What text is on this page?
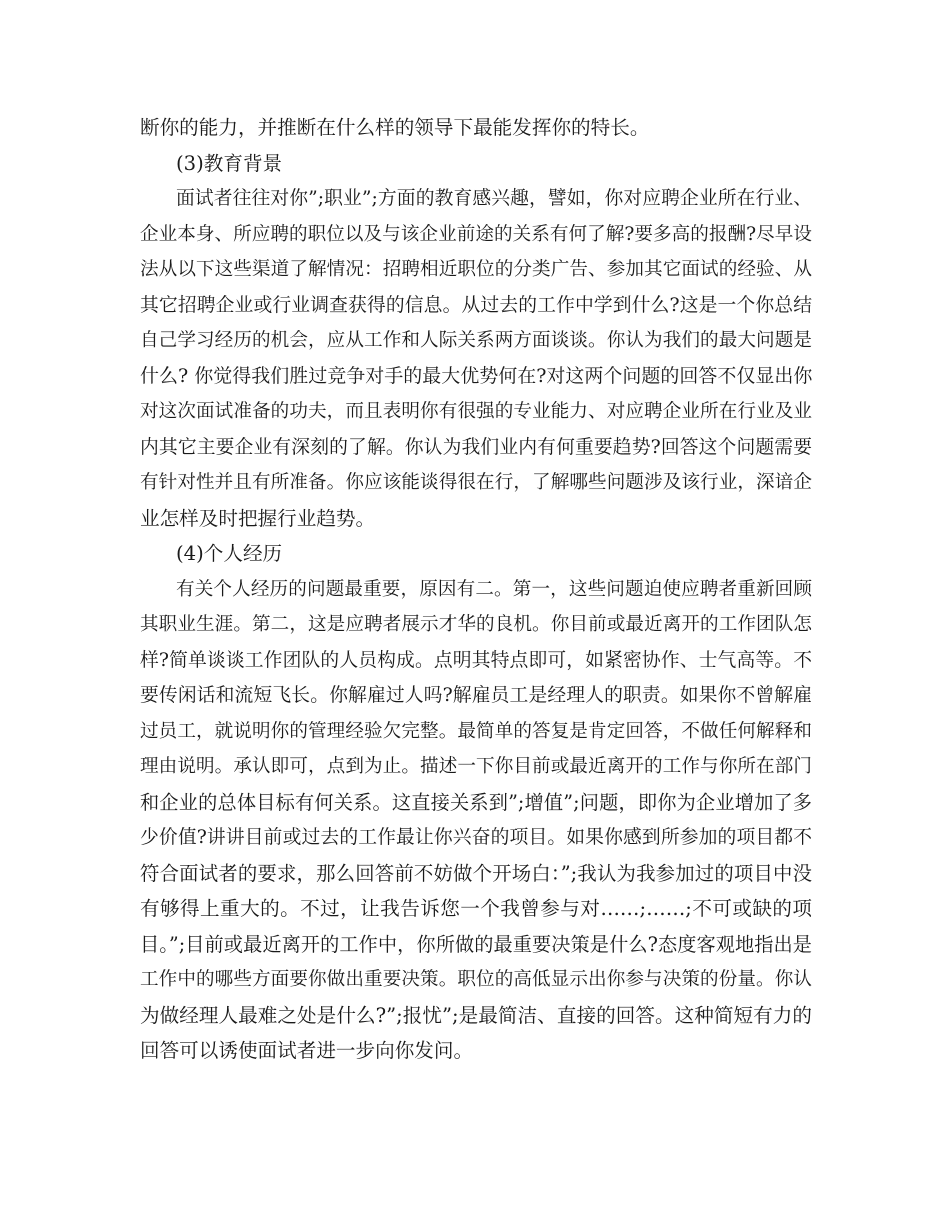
断你的能力，并推断在什么样的领导下最能发挥你的特长。
(3)教育背景
面试者往往对你”;职业”;方面的教育感兴趣，譬如，你对应聘企业所在行业、
企业本身、所应聘的职位以及与该企业前途的关系有何了解?要多高的报酬?尽早设
法从以下这些渠道了解情况：招聘相近职位的分类广告、参加其它面试的经验、从
其它招聘企业或行业调查获得的信息。从过去的工作中学到什么?这是一个你总结
自己学习经历的机会，应从工作和人际关系两方面谈谈。你认为我们的最大问题是
什么? 你觉得我们胜过竞争对手的最大优势何在?对这两个问题的回答不仅显出你
对这次面试准备的功夫，而且表明你有很强的专业能力、对应聘企业所在行业及业
内其它主要企业有深刻的了解。你认为我们业内有何重要趋势?回答这个问题需要
有针对性并且有所准备。你应该能谈得很在行，了解哪些问题涉及该行业，深谙企
业怎样及时把握行业趋势。
(4)个人经历
有关个人经历的问题最重要，原因有二。第一，这些问题迫使应聘者重新回顾
其职业生涯。第二，这是应聘者展示才华的良机。你目前或最近离开的工作团队怎
样?简单谈谈工作团队的人员构成。点明其特点即可，如紧密协作、士气高等。不
要传闲话和流短飞长。你解雇过人吗?解雇员工是经理人的职责。如果你不曾解雇
过员工，就说明你的管理经验欠完整。最简单的答复是肯定回答，不做任何解释和
理由说明。承认即可，点到为止。描述一下你目前或最近离开的工作与你所在部门
和企业的总体目标有何关系。这直接关系到”;增值”;问题，即你为企业增加了多
少价值?讲讲目前或过去的工作最让你兴奋的项目。如果你感到所参加的项目都不
符合面试者的要求，那么回答前不妨做个开场白：”;我认为我参加过的项目中没
有够得上重大的。不过，让我告诉您一个我曾参与对……;……;不可或缺的项
目。”;目前或最近离开的工作中，你所做的最重要决策是什么?态度客观地指出是
工作中的哪些方面要你做出重要决策。职位的高低显示出你参与决策的份量。你认
为做经理人最难之处是什么?”;报忧”;是最简洁、直接的回答。这种简短有力的
回答可以诱使面试者进一步向你发问。
